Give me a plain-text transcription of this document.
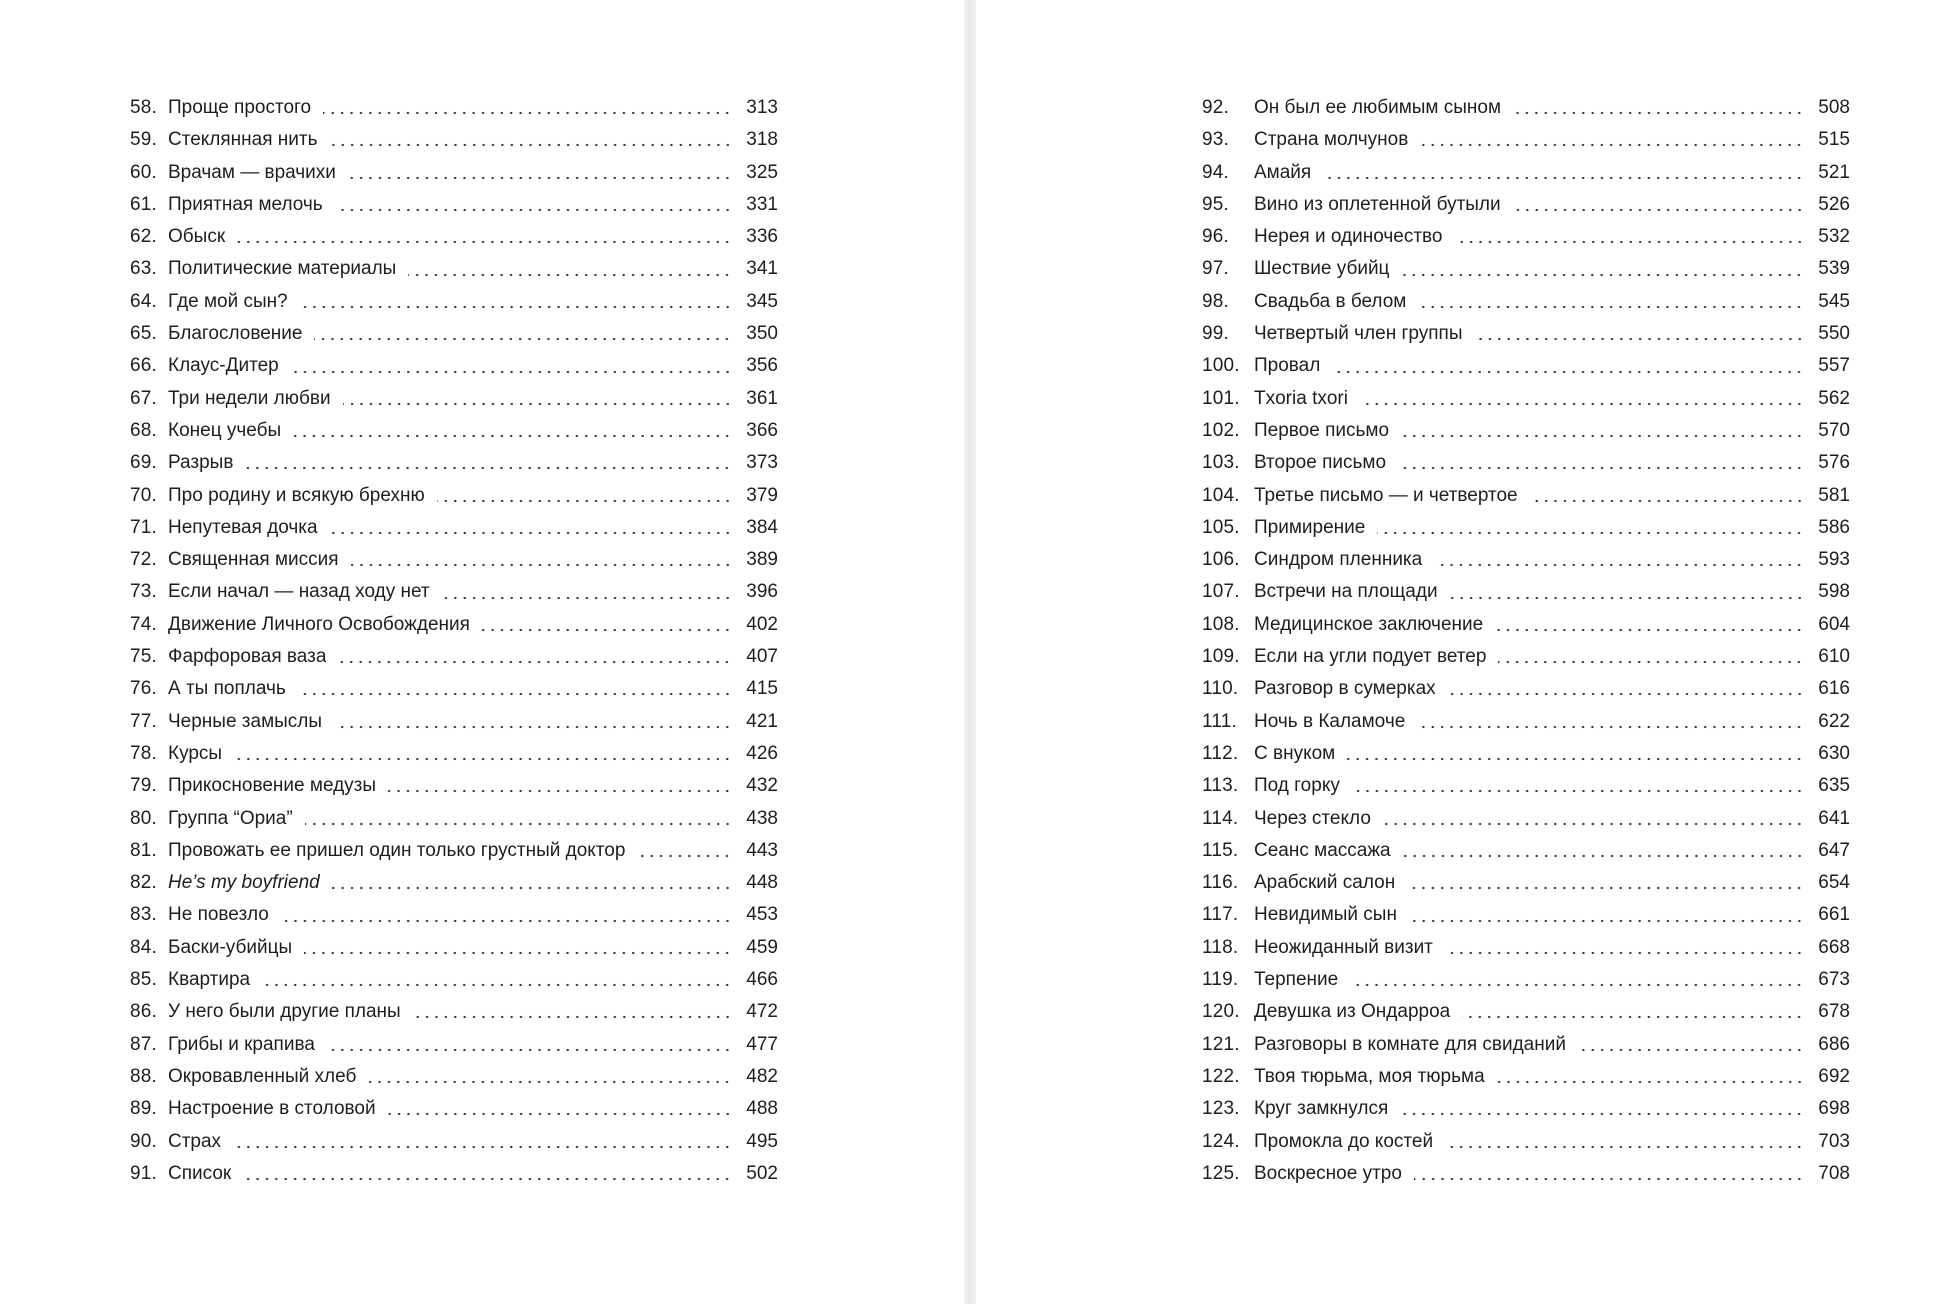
58. Проще простого	313
59. Стеклянная нить	318
60. Врачам — врачихи	325
61. Приятная мелочь	331
62. Обыск	336
63. Политические материалы	341
64. Где мой сын?	345
65. Благословение	350
66. Клаус-Дитер	356
67. Три недели любви	361
68. Конец учебы	366
69. Разрыв	373
70. Про родину и всякую брехню	379
71. Непутевая дочка	384
72. Священная миссия	389
73. Если начал — назад ходу нет	396
74. Движение Личного Освобождения	402
75. Фарфоровая ваза	407
76. А ты поплачь	415
77. Черные замыслы	421
78. Курсы	426
79. Прикосновение медузы	432
80. Группа “Ориа”	438
81. Провожать ее пришел один только грустный доктор	443
82. He’s my boyfriend	448
83. Не повезло	453
84. Баски-убийцы	459
85. Квартира	466
86. У него были другие планы	472
87. Грибы и крапива	477
88. Окровавленный хлеб	482
89. Настроение в столовой	488
90. Страх	495
91. Список	502
92.	Он был ее любимым сыном	508
93.	Страна молчунов	515
94.	Амайя	521
95.	Вино из оплетенной бутыли	526
96.	Нерея и одиночество	532
97.	Шествие убийц	539
98.	Свадьба в белом	545
99.	Четвертый член группы	550
100. Провал	557
101. Txoria txori	562
102. Первое письмо	570
103. Второе письмо	576
104. Третье письмо — и четвертое	581
105. Примирение	586
106. Синдром пленника	593
107. Встречи на площади	598
108. Медицинское заключение	604
109. Если на угли подует ветер	610
110. Разговор в сумерках	616
111. Ночь в Каламоче	622
112. С внуком	630
113. Под горку	635
114. Через стекло	641
115. Сеанс массажа	647
116. Арабский салон	654
117. Невидимый сын	661
118. Неожиданный визит	668
119. Терпение	673
120. Девушка из Ондарроа	678
121. Разговоры в комнате для свиданий	686
122. Твоя тюрьма, моя тюрьма	692
123. Круг замкнулся	698
124. Промокла до костей	703
125. Воскресное утро	708
